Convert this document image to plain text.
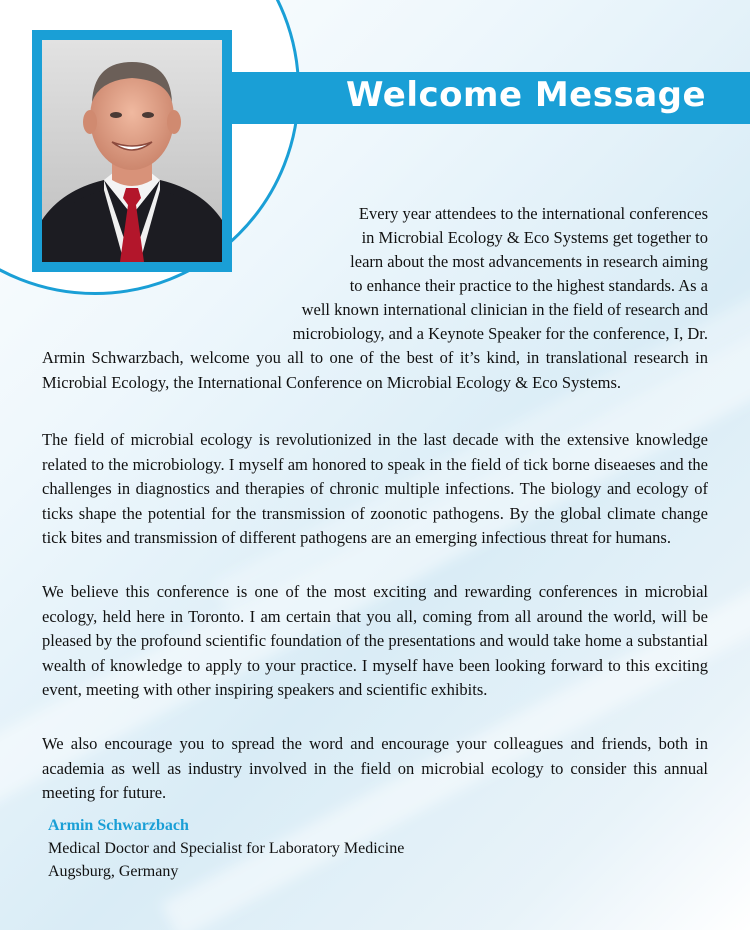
Welcome Message
Every year attendees to the international conferences
in Microbial Ecology & Eco Systems get together to
learn about the most advancements in research aiming
to enhance their practice to the highest standards. As a
well known international clinician in the field of research and
microbiology, and a Keynote Speaker for the conference, I, Dr.

Armin Schwarzbach, welcome you all to one of the best of it’s kind, in translational research in Microbial Ecology, the International Conference on Microbial Ecology & Eco Systems.

The field of microbial ecology is revolutionized in the last decade with the extensive knowledge related to the microbiology. I myself am honored to speak in the field of tick borne diseaeses and the challenges in diagnostics and therapies of chronic multiple infections. The biology and ecology of ticks shape the potential for the transmission of zoonotic pathogens. By the global climate change tick bites and transmission of different pathogens are an emerging infectious threat for humans.

We believe this conference is one of the most exciting and rewarding conferences in microbial ecology, held here in Toronto. I am certain that you all, coming from all around the world, will be pleased by the profound scientific foundation of the presentations and would take home a substantial wealth of knowledge to apply to your practice. I myself have been looking forward to this exciting event, meeting with other inspiring speakers and scientific exhibits.

We also encourage you to spread the word and encourage your colleagues and friends, both in academia as well as industry involved in the field on microbial ecology to consider this annual meeting for future.

Armin Schwarzbach
Medical Doctor and Specialist for Laboratory Medicine
Augsburg, Germany
